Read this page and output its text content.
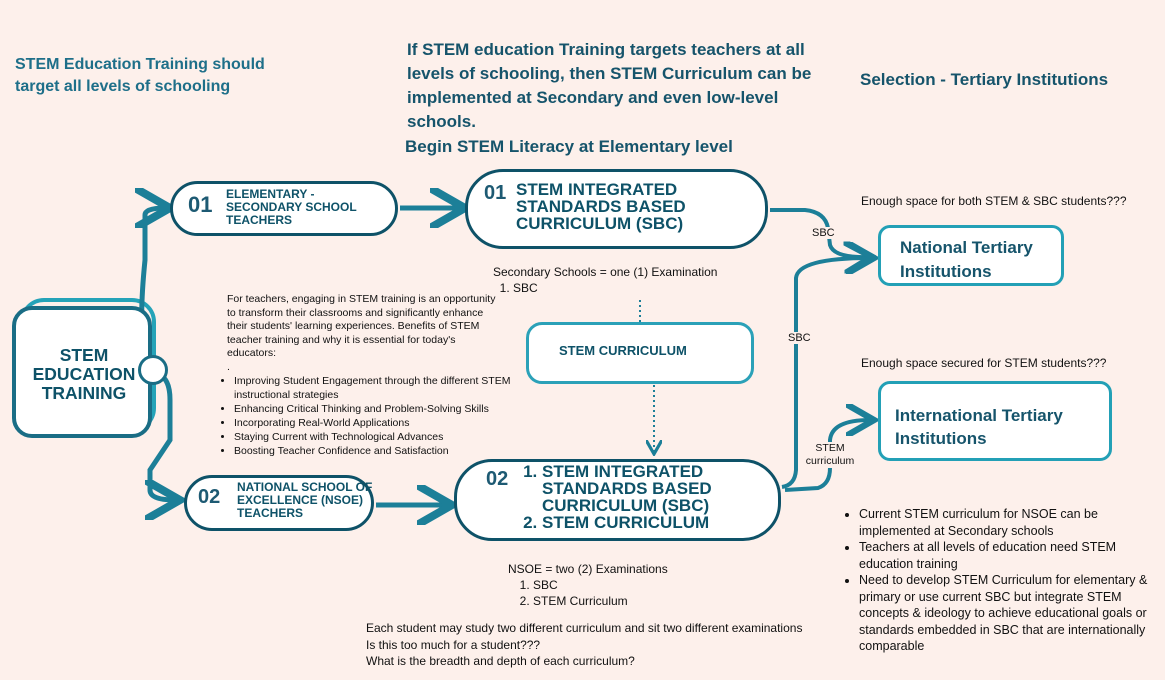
STEM Education Training should target all levels of schooling
If STEM education Training targets teachers at all levels of schooling, then STEM Curriculum can be implemented at Secondary and even low-level schools.
Begin STEM Literacy at Elementary level
Selection - Tertiary Institutions
STEM EDUCATION TRAINING
01 ELEMENTARY - SECONDARY SCHOOL TEACHERS
02 NATIONAL SCHOOL OF EXCELLENCE (NSOE) TEACHERS
01 STEM INTEGRATED STANDARDS BASED CURRICULUM (SBC)
Secondary Schools = one (1) Examination
1. SBC
STEM CURRICULUM
02
1. STEM INTEGRATED STANDARDS BASED CURRICULUM (SBC)
2. STEM CURRICULUM
NSOE = two (2) Examinations
1. SBC
2. STEM Curriculum
For teachers, engaging in STEM training is an opportunity to transform their classrooms and significantly enhance their students' learning experiences. Benefits of STEM teacher training and why it is essential for today's educators:
.
• Improving Student Engagement through the different STEM instructional strategies
• Enhancing Critical Thinking and Problem-Solving Skills
• Incorporating Real-World Applications
• Staying Current with Technological Advances
• Boosting Teacher Confidence and Satisfaction
Enough space for both STEM & SBC students???
National Tertiary Institutions
Enough space secured for STEM students???
International Tertiary Institutions
SBC
SBC
STEM curriculum
• Current STEM curriculum for NSOE can be implemented at Secondary schools
• Teachers at all levels of education need STEM education training
• Need to develop STEM Curriculum for elementary & primary or use current SBC but integrate STEM concepts & ideology to achieve educational goals or standards embedded in SBC that are internationally comparable
Each student may study two different curriculum and sit two different examinations
Is this too much for a student???
What is the breadth and depth of each curriculum?
